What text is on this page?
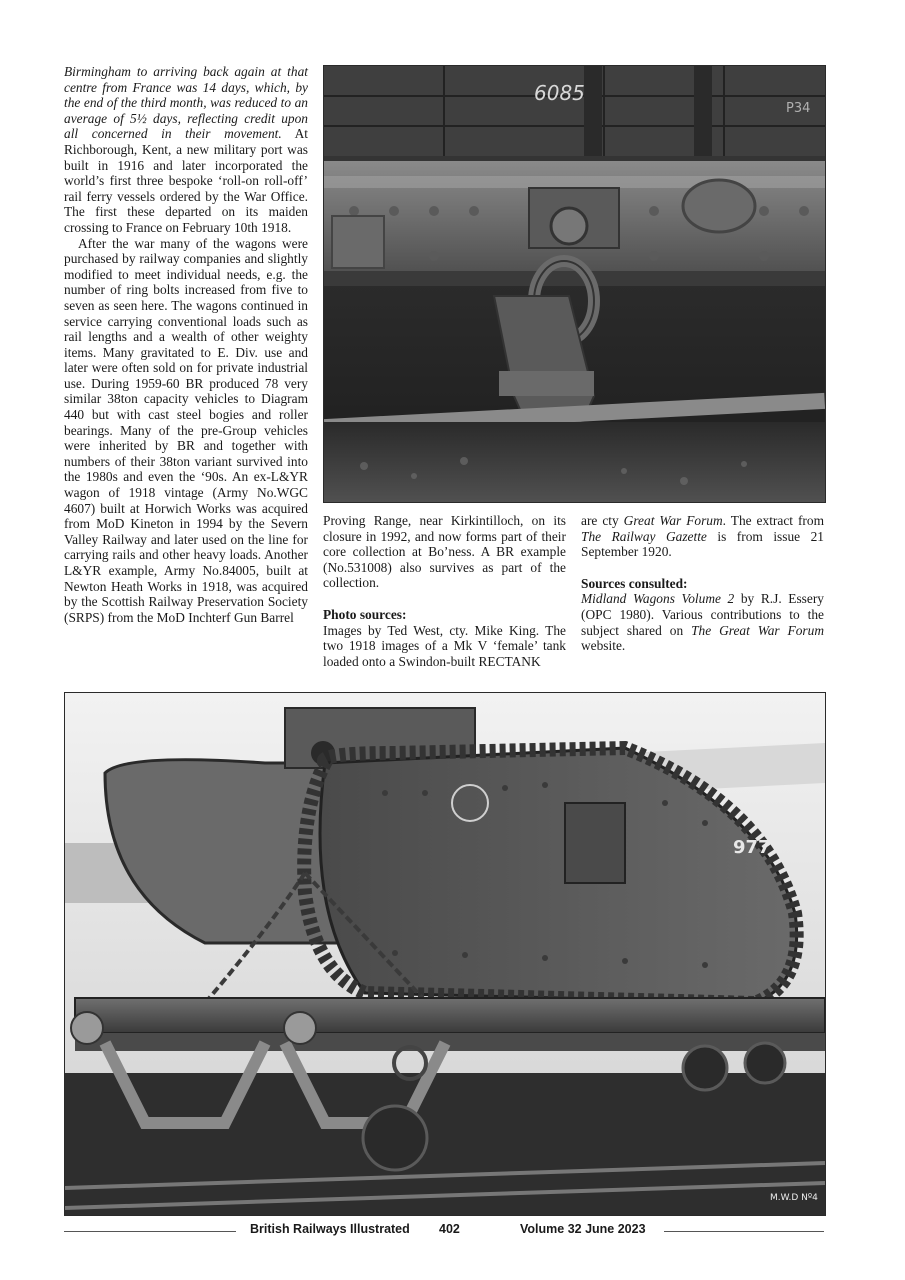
Birmingham to arriving back again at that centre from France was 14 days, which, by the end of the third month, was reduced to an average of 5½ days, reflecting credit upon all concerned in their movement. At Richborough, Kent, a new military port was built in 1916 and later incorporated the world’s first three bespoke ‘roll-on roll-off’ rail ferry vessels ordered by the War Office. The first these departed on its maiden crossing to France on February 10th 1918.

After the war many of the wagons were purchased by railway companies and slightly modified to meet individual needs, e.g. the number of ring bolts increased from five to seven as seen here. The wagons continued in service carrying conventional loads such as rail lengths and a wealth of other weighty items. Many gravitated to E. Div. use and later were often sold on for private industrial use. During 1959-60 BR produced 78 very similar 38ton capacity vehicles to Diagram 440 but with cast steel bogies and roller bearings. Many of the pre-Group vehicles were inherited by BR and together with numbers of their 38ton variant survived into the 1980s and even the ‘90s. An ex-L&YR wagon of 1918 vintage (Army No.WGC 4607) built at Horwich Works was acquired from MoD Kineton in 1994 by the Severn Valley Railway and later used on the line for carrying rails and other heavy loads. Another L&YR example, Army No.84005, built at Newton Heath Works in 1918, was acquired by the Scottish Railway Preservation Society (SRPS) from the MoD Inchterf Gun Barrel

Proving Range, near Kirkintilloch, on its closure in 1992, and now forms part of their core collection at Bo’ness. A BR example (No.531008) also survives as part of the collection.

Photo sources:

Images by Ted West, cty. Mike King. The two 1918 images of a Mk V ‘female’ tank loaded onto a Swindon-built RECTANK

are cty Great War Forum. The extract from The Railway Gazette is from issue 21 September 1920.

Sources consulted:

Midland Wagons Volume 2 by R.J. Essery (OPC 1980). Various contributions to the subject shared on The Great War Forum website.

6085
P34
9771
M.W.D Nº4
British Railways Illustrated 402	Volume 32 June 2023
